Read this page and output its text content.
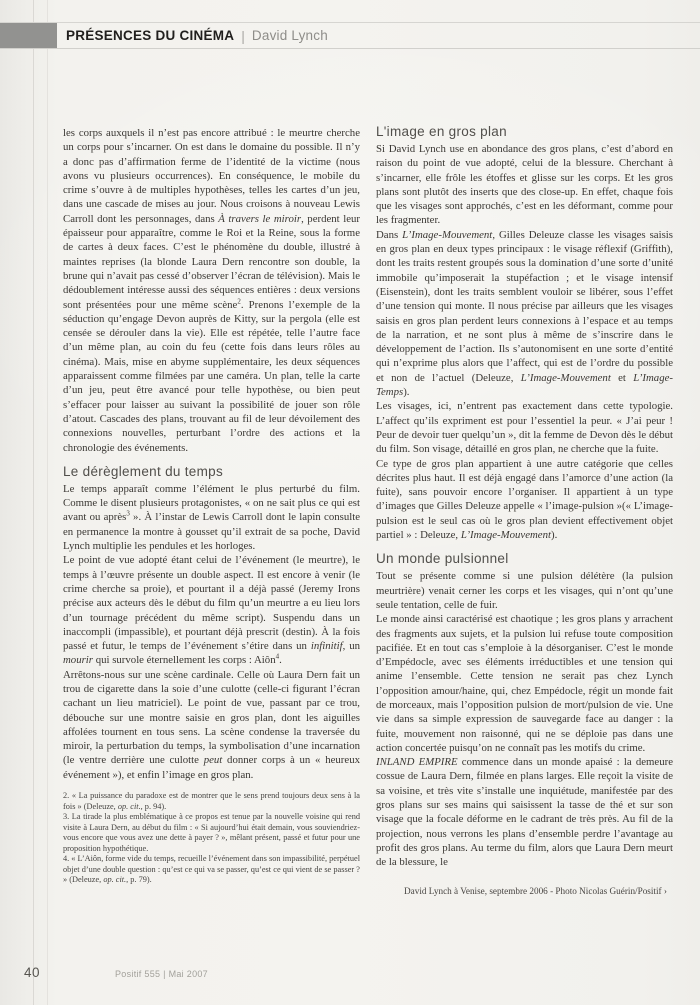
PRÉSENCES DU CINÉMA | David Lynch

les corps auxquels il n’est pas encore attribué : le meurtre cherche un corps pour s’incarner. On est dans le domaine du possible. Il n’y a donc pas d’affirmation ferme de l’identité de la victime (nous avons vu plusieurs occurrences). En conséquence, le mobile du crime s’ouvre à de multiples hypothèses, telles les cartes d’un jeu, dans une cascade de mises au jour. Nous croisons à nouveau Lewis Carroll dont les personnages, dans À travers le miroir, perdent leur épaisseur pour apparaître, comme le Roi et la Reine, sous la forme de cartes à deux faces. C’est le phénomène du double, illustré à maintes reprises (la blonde Laura Dern rencontre son double, la brune qui n’avait pas cessé d’observer l’écran de télévision). Mais le dédoublement intéresse aussi des séquences entières : deux versions sont présentées pour une même scène$^2$. Prenons l’exemple de la séduction qu’engage Devon auprès de Kitty, sur la pergola (elle est censée se dérouler dans la vie). Elle est répétée, telle l’autre face d’un même plan, au coin du feu (cette fois dans leurs rôles au cinéma). Mais, mise en abyme supplémentaire, les deux séquences apparaissent comme filmées par une caméra. Un plan, telle la carte d’un jeu, peut être avancé pour telle hypothèse, ou bien peut s’effacer pour laisser au suivant la possibilité de jouer son rôle d’atout. Cascades des plans, trouvant au fil de leur dévoilement des connexions nouvelles, perturbant l’ordre des actions et la chronologie des événements.

Le dérèglement du temps

Le temps apparaît comme l’élément le plus perturbé du film. Comme le disent plusieurs protagonistes, « on ne sait plus ce qui est avant ou après$^3$ ». À l’instar de Lewis Carroll dont le lapin consulte en permanence la montre à gousset qu’il extrait de sa poche, David Lynch multiplie les pendules et les horloges.

Le point de vue adopté étant celui de l’événement (le meurtre), le temps à l’œuvre présente un double aspect. Il est encore à venir (le crime cherche sa proie), et pourtant il a déjà passé (Jeremy Irons précise aux acteurs dès le début du film qu’un meurtre a eu lieu lors d’un tournage précédent du même script). Suspendu dans un inaccompli (impassible), et pourtant déjà prescrit (destin). À la fois passé et futur, le temps de l’événement s’étire dans un infinitif, un mourir qui survole éternellement les corps : Aiôn$^4$.

Arrêtons-nous sur une scène cardinale. Celle où Laura Dern fait un trou de cigarette dans la soie d’une culotte (celle-ci figurant l’écran cachant un lieu matriciel). Le point de vue, passant par ce trou, débouche sur une montre saisie en gros plan, dont les aiguilles affolées tournent en tous sens. La scène condense la traversée du miroir, la perturbation du temps, la symbolisation d’une incarnation (le ventre derrière une culotte peut donner corps à un « heureux événement »), et enfin l’image en gros plan.

2. « La puissance du paradoxe est de montrer que le sens prend toujours deux sens à la fois » (Deleuze, op. cit., p. 94).

3. La tirade la plus emblématique à ce propos est tenue par la nouvelle voisine qui rend visite à Laura Dern, au début du film : « Si aujourd’hui était demain, vous souviendriez-vous encore que vous avez une dette à payer ? », mêlant présent, passé et futur pour une proposition hypothétique.

4. « L’Aiôn, forme vide du temps, recueille l’événement dans son impassibilité, perpétuel objet d’une double question : qu’est ce qui va se passer, qu’est ce qui vient de se passer ? » (Deleuze, op. cit., p. 79).

L'image en gros plan

Si David Lynch use en abondance des gros plans, c’est d’abord en raison du point de vue adopté, celui de la blessure. Cherchant à s’incarner, elle frôle les étoffes et glisse sur les corps. Et les gros plans sont plutôt des inserts que des close-up. En effet, chaque fois que les visages sont approchés, c’est en les déformant, comme pour les fragmenter.

Dans L’Image-Mouvement, Gilles Deleuze classe les visages saisis en gros plan en deux types principaux : le visage réflexif (Griffith), dont les traits restent groupés sous la domination d’une sorte d’unité immobile qu’imposerait la stupéfaction ; et le visage intensif (Eisenstein), dont les traits semblent vouloir se libérer, sous l’effet d’une tension qui monte. Il nous précise par ailleurs que les visages saisis en gros plan perdent leurs connexions à l’espace et au temps de la narration, et ne sont plus à même de s’inscrire dans le développement de l’action. Ils s’autonomisent en une sorte d’entité qui n’exprime plus alors que l’affect, qui est de l’ordre du possible et non de l’actuel (Deleuze, L’Image-Mouvement et L’Image-Temps).

Les visages, ici, n’entrent pas exactement dans cette typologie. L’affect qu’ils expriment est pour l’essentiel la peur. « J’ai peur ! Peur de devoir tuer quelqu’un », dit la femme de Devon dès le début du film. Son visage, détaillé en gros plan, ne cherche que la fuite.

Ce type de gros plan appartient à une autre catégorie que celles décrites plus haut. Il est déjà engagé dans l’amorce d’une action (la fuite), sans pouvoir encore l’organiser. Il appartient à un type d’images que Gilles Deleuze appelle « l’image-pulsion »(« L’image-pulsion est le seul cas où le gros plan devient effectivement objet partiel » : Deleuze, L’Image-Mouvement).

Un monde pulsionnel

Tout se présente comme si une pulsion délétère (la pulsion meurtrière) venait cerner les corps et les visages, qui n’ont qu’une seule tentation, celle de fuir.

Le monde ainsi caractérisé est chaotique ; les gros plans y arrachent des fragments aux sujets, et la pulsion lui refuse toute composition pacifiée. Et en tout cas s’emploie à la désorganiser. C’est le monde d’Empédocle, avec ses éléments irréductibles et une tension qui anime l’ensemble. Cette tension ne serait pas chez Lynch l’opposition amour/haine, qui, chez Empédocle, régit un monde fait de morceaux, mais l’opposition pulsion de mort/pulsion de vie. Une vie dans sa simple expression de sauvegarde face au danger : la fuite, mouvement non raisonné, qui ne se déploie pas dans une action concertée puisqu’on ne connaît pas les motifs du crime.

INLAND EMPIRE commence dans un monde apaisé : la demeure cossue de Laura Dern, filmée en plans larges. Elle reçoit la visite de sa voisine, et très vite s’installe une inquiétude, manifestée par des gros plans sur ses mains qui saisissent la tasse de thé et sur son visage que la focale déforme en le cadrant de très près. Au fil de la projection, nous verrons les plans d’ensemble perdre l’avantage au profit des gros plans. Au terme du film, alors que Laura Dern meurt de la blessure, le

David Lynch à Venise, septembre 2006 - Photo Nicolas Guérin/Positif ›

40	Positif 555 | Mai 2007
